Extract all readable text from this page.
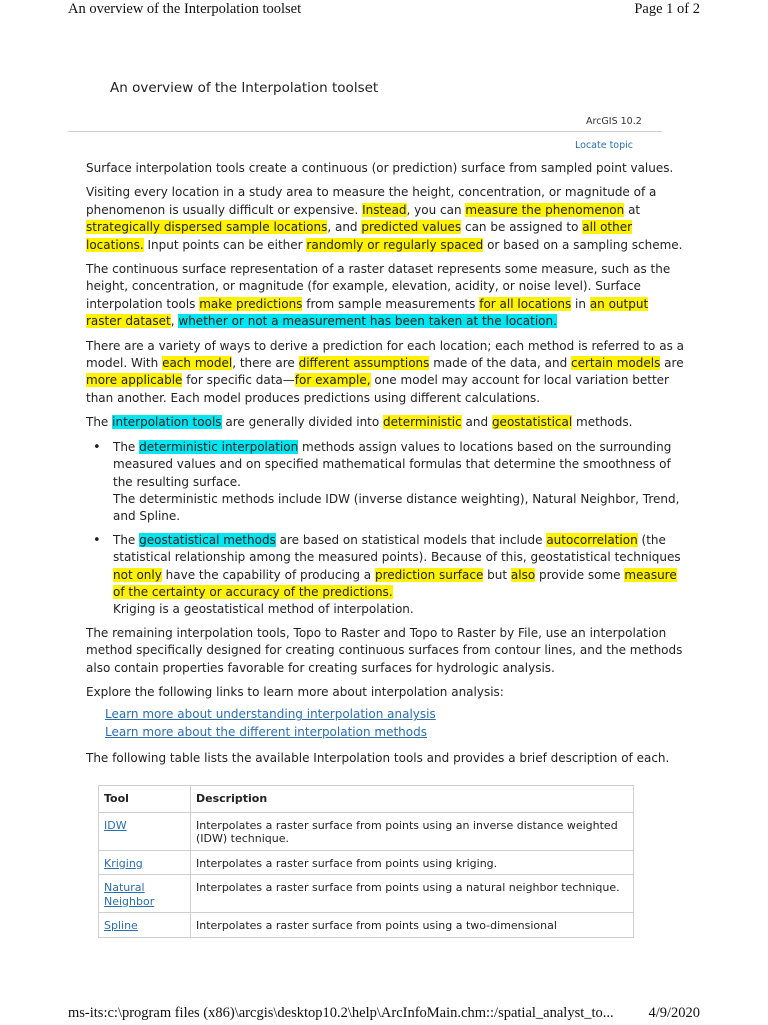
An overview of the Interpolation toolset	Page 1 of 2
An overview of the Interpolation toolset
ArcGIS 10.2
Locate topic

Surface interpolation tools create a continuous (or prediction) surface from sampled point values.

Visiting every location in a study area to measure the height, concentration, or magnitude of a phenomenon is usually difficult or expensive. Instead, you can measure the phenomenon at strategically dispersed sample locations, and predicted values can be assigned to all other locations. Input points can be either randomly or regularly spaced or based on a sampling scheme.

The continuous surface representation of a raster dataset represents some measure, such as the height, concentration, or magnitude (for example, elevation, acidity, or noise level). Surface interpolation tools make predictions from sample measurements for all locations in an output raster dataset, whether or not a measurement has been taken at the location.

There are a variety of ways to derive a prediction for each location; each method is referred to as a model. With each model, there are different assumptions made of the data, and certain models are more applicable for specific data—for example, one model may account for local variation better than another. Each model produces predictions using different calculations.

The interpolation tools are generally divided into deterministic and geostatistical methods.

• The deterministic interpolation methods assign values to locations based on the surrounding measured values and on specified mathematical formulas that determine the smoothness of the resulting surface.
The deterministic methods include IDW (inverse distance weighting), Natural Neighbor, Trend, and Spline.
• The geostatistical methods are based on statistical models that include autocorrelation (the statistical relationship among the measured points). Because of this, geostatistical techniques not only have the capability of producing a prediction surface but also provide some measure of the certainty or accuracy of the predictions.
Kriging is a geostatistical method of interpolation.

The remaining interpolation tools, Topo to Raster and Topo to Raster by File, use an interpolation method specifically designed for creating continuous surfaces from contour lines, and the methods also contain properties favorable for creating surfaces for hydrologic analysis.

Explore the following links to learn more about interpolation analysis:

Learn more about understanding interpolation analysis
Learn more about the different interpolation methods

The following table lists the available Interpolation tools and provides a brief description of each.

Tool	Description
IDW	Interpolates a raster surface from points using an inverse distance weighted (IDW) technique.
Kriging	Interpolates a raster surface from points using kriging.
Natural Neighbor	Interpolates a raster surface from points using a natural neighbor technique.
Spline	Interpolates a raster surface from points using a two-dimensional
ms-its:c:\program files (x86)\arcgis\desktop10.2\help\ArcInfoMain.chm::/spatial_analyst_to... 4/9/2020
